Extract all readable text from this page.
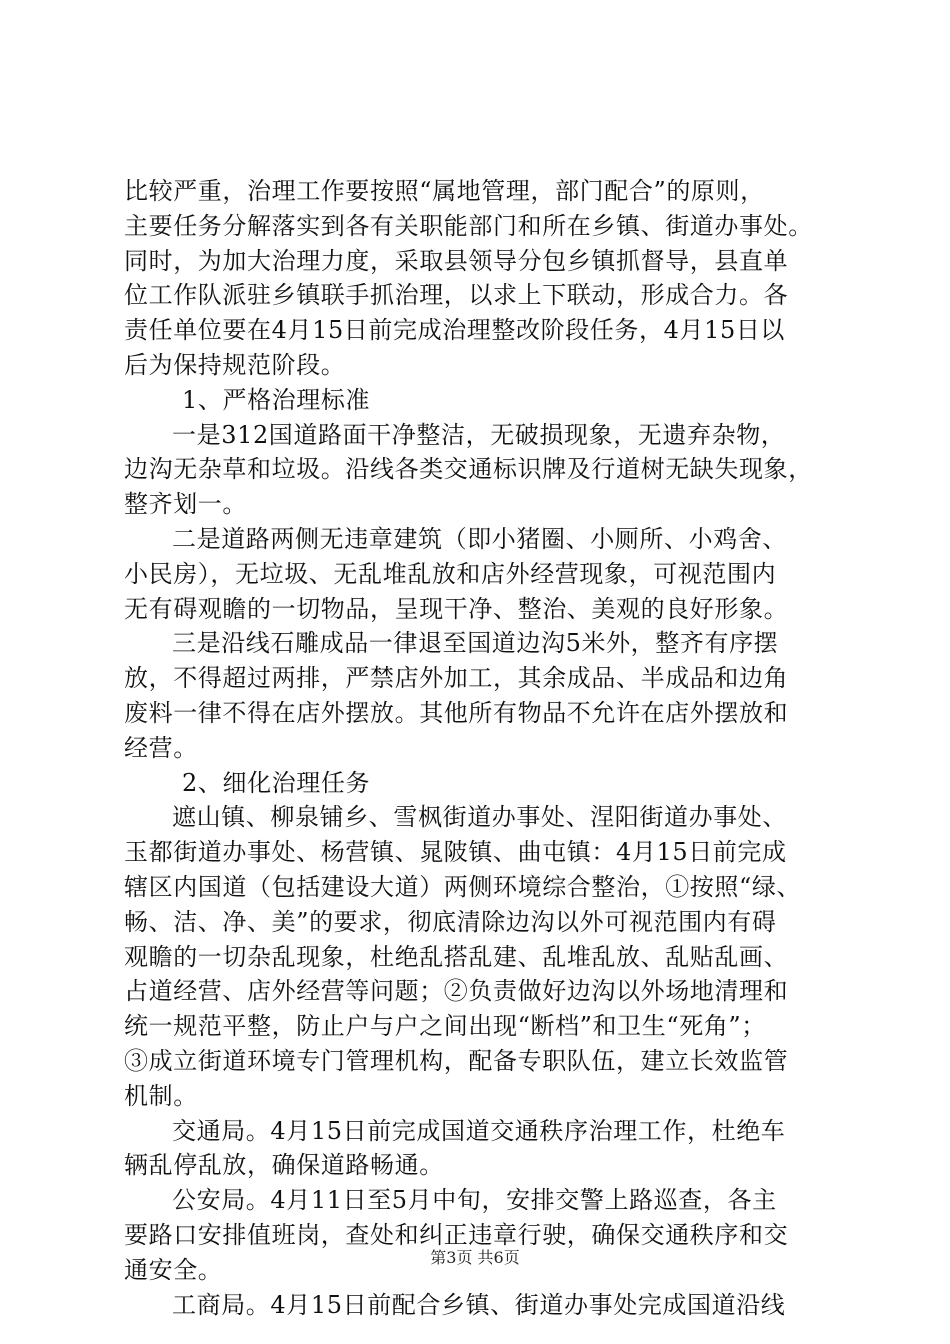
比较严重，治理工作要按照“属地管理，部门配合”的原则，
主要任务分解落实到各有关职能部门和所在乡镇、街道办事处。
同时，为加大治理力度，采取县领导分包乡镇抓督导，县直单
位工作队派驻乡镇联手抓治理，以求上下联动，形成合力。各
责任单位要在4月15日前完成治理整改阶段任务，4月15日以
后为保持规范阶段。
1、严格治理标准
一是312国道路面干净整洁，无破损现象，无遗弃杂物，
边沟无杂草和垃圾。沿线各类交通标识牌及行道树无缺失现象，
整齐划一。
二是道路两侧无违章建筑（即小猪圈、小厕所、小鸡舍、
小民房），无垃圾、无乱堆乱放和店外经营现象，可视范围内
无有碍观瞻的一切物品，呈现干净、整治、美观的良好形象。
三是沿线石雕成品一律退至国道边沟5米外，整齐有序摆
放，不得超过两排，严禁店外加工，其余成品、半成品和边角
废料一律不得在店外摆放。其他所有物品不允许在店外摆放和
经营。
2、细化治理任务
遮山镇、柳泉铺乡、雪枫街道办事处、涅阳街道办事处、
玉都街道办事处、杨营镇、晁陂镇、曲屯镇：4月15日前完成
辖区内国道（包括建设大道）两侧环境综合整治，①按照“绿、
畅、洁、净、美”的要求，彻底清除边沟以外可视范围内有碍
观瞻的一切杂乱现象，杜绝乱搭乱建、乱堆乱放、乱贴乱画、
占道经营、店外经营等问题；②负责做好边沟以外场地清理和
统一规范平整，防止户与户之间出现“断档”和卫生“死角”；
③成立街道环境专门管理机构，配备专职队伍，建立长效监管
机制。
交通局。4月15日前完成国道交通秩序治理工作，杜绝车
辆乱停乱放，确保道路畅通。
公安局。4月11日至5月中旬，安排交警上路巡查，各主
要路口安排值班岗，查处和纠正违章行驶，确保交通秩序和交
通安全。
工商局。4月15日前配合乡镇、街道办事处完成国道沿线
第3页 共6页
